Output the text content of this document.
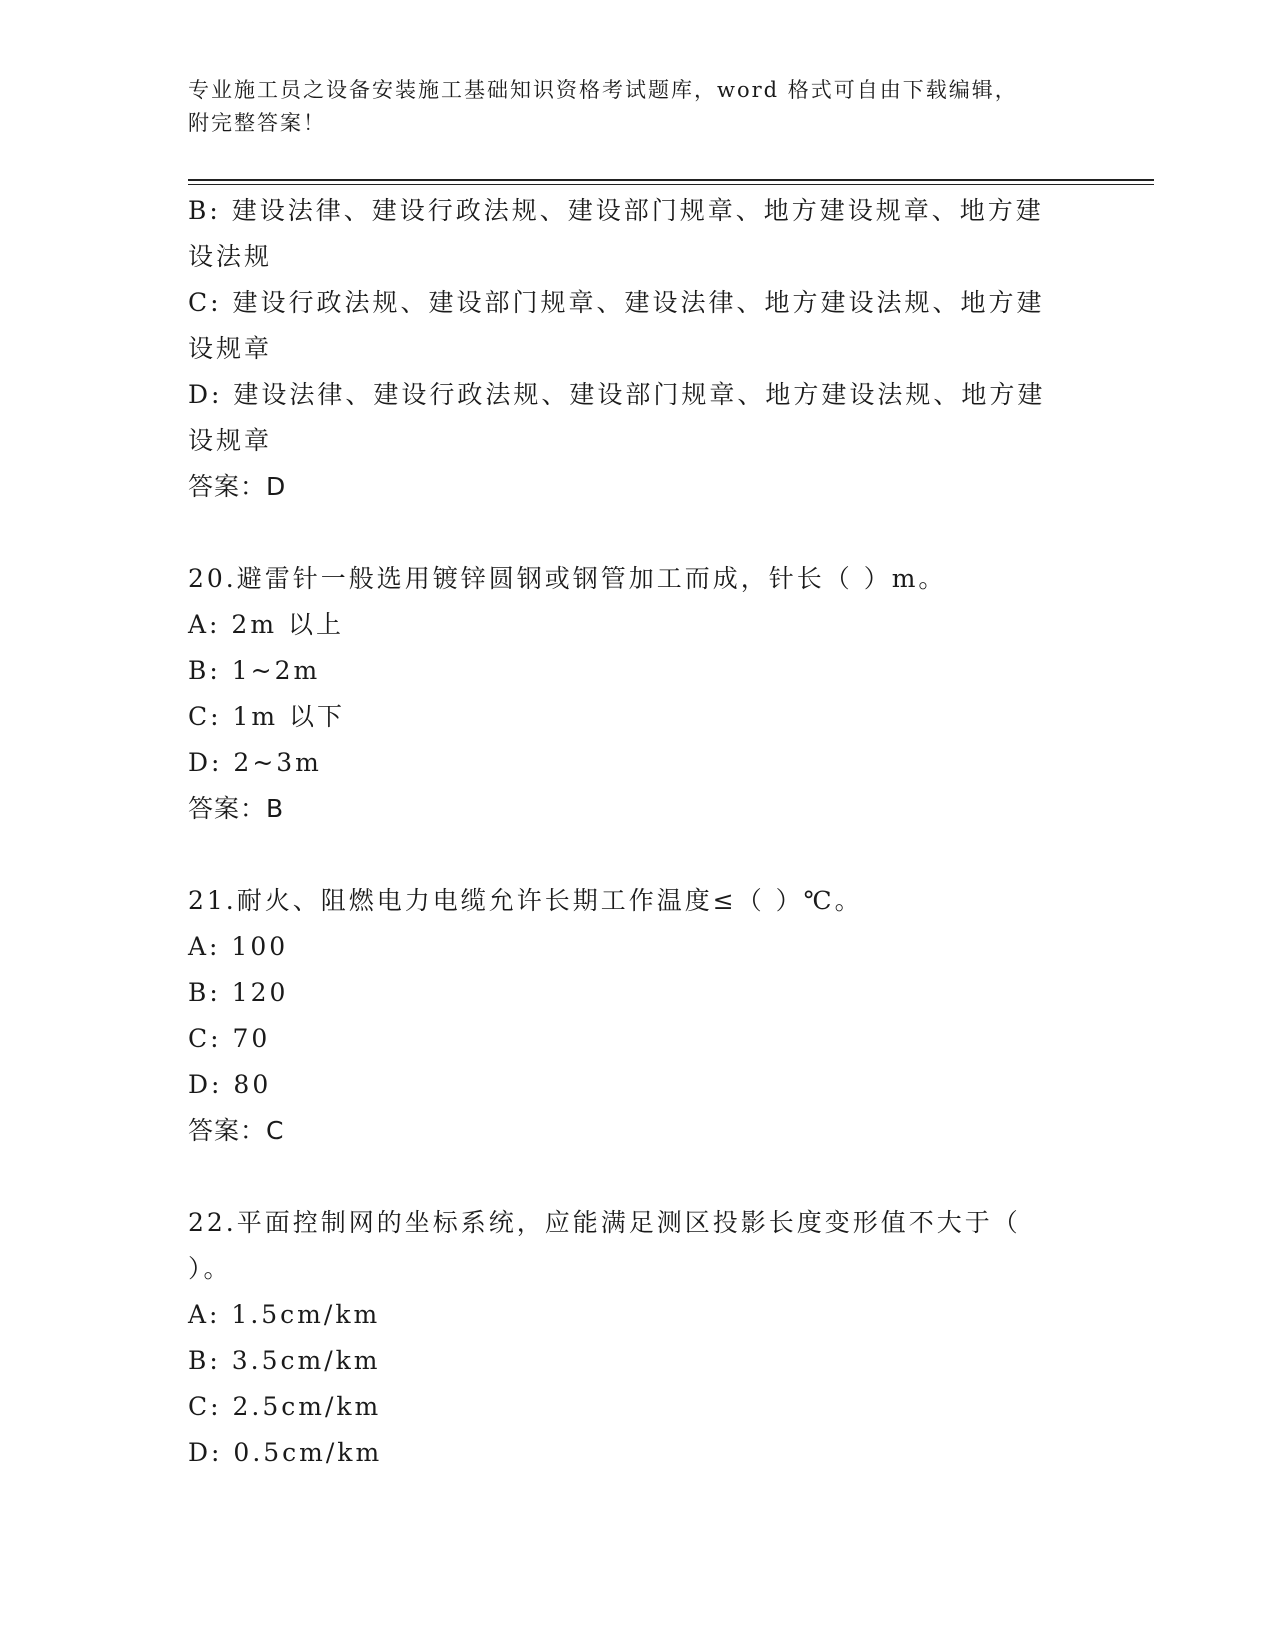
专业施工员之设备安装施工基础知识资格考试题库，word 格式可自由下载编辑，
附完整答案！
B: 建设法律、建设行政法规、建设部门规章、地方建设规章、地方建
设法规
C: 建设行政法规、建设部门规章、建设法律、地方建设法规、地方建
设规章
D: 建设法律、建设行政法规、建设部门规章、地方建设法规、地方建
设规章
答案：D
20.避雷针一般选用镀锌圆钢或钢管加工而成，针长（ ）m。
A: 2m 以上
B: 1~2m
C: 1m 以下
D: 2~3m
答案：B
21.耐火、阻燃电力电缆允许长期工作温度≤（ ）℃。
A: 100
B: 120
C: 70
D: 80
答案：C
22.平面控制网的坐标系统，应能满足测区投影长度变形值不大于（
）。
A: 1.5cm/km
B: 3.5cm/km
C: 2.5cm/km
D: 0.5cm/km
